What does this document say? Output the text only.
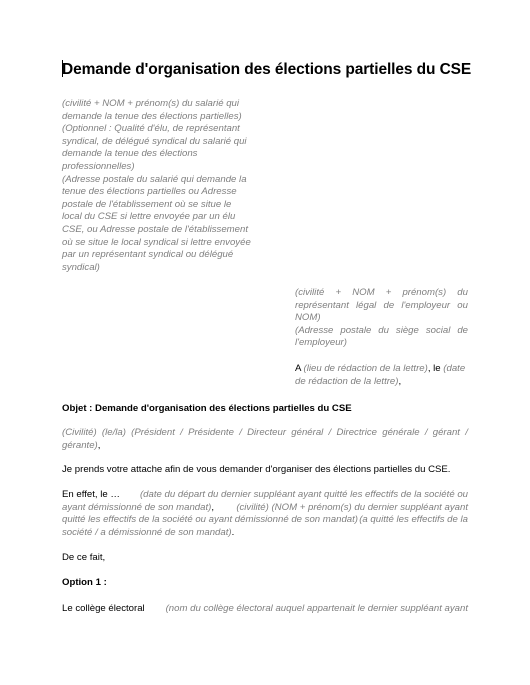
Demande d'organisation des élections partielles du CSE
(civilité + NOM + prénom(s) du salarié qui
demande la tenue des élections partielles)
(Optionnel : Qualité d'élu, de représentant
syndical, de délégué syndical du salarié qui
demande la tenue des élections
professionnelles)
(Adresse postale du salarié qui demande la
tenue des élections partielles ou Adresse
postale de l'établissement où se situe le
local du CSE si lettre envoyée par un élu
CSE, ou Adresse postale de l'établissement
où se situe le local syndical si lettre envoyée
par un représentant syndical ou délégué
syndical)
(civilité + NOM + prénom(s) du
représentant légal de l'employeur ou
NOM)
(Adresse postale du siège social de
l'employeur)
A (lieu de rédaction de la lettre), le (date
de rédaction de la lettre),
Objet : Demande d'organisation des élections partielles du CSE
(Civilité) (le/la) (Président / Présidente / Directeur général / Directrice générale / gérant /
gérante) ,
Je prends votre attache afin de vous demander d'organiser des élections partielles du CSE.
En effet, le … (date du départ du dernier suppléant ayant quitté les effectifs de la société ou
ayant démissionné de son mandat), (civilité) (NOM + prénom(s) du dernier suppléant ayant
quitté les effectifs de la société ou ayant démissionné de son mandat) (a quitté les effectifs de la
société / a démissionné de son mandat) .
De ce fait,
Option 1 :
Le collège électoral (nom du collège électoral auquel appartenait le dernier suppléant ayant
